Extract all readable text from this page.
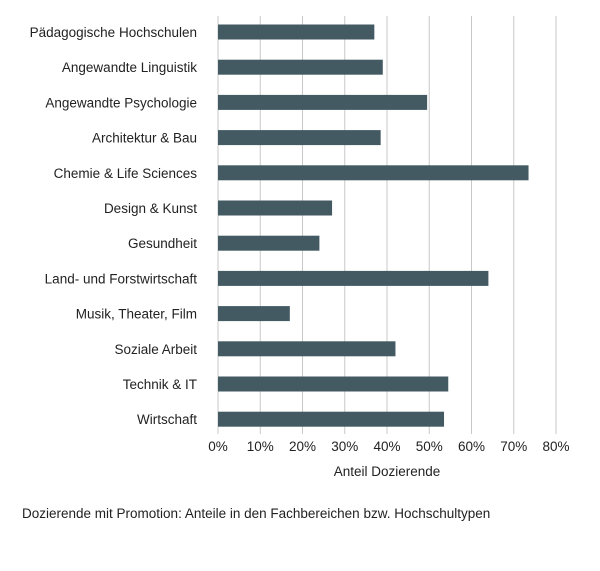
Pädagogische Hochschulen
Angewandte Linguistik
Angewandte Psychologie
Architektur & Bau
Chemie & Life Sciences
Design & Kunst
Gesundheit
Land- und Forstwirtschaft
Musik, Theater, Film
Soziale Arbeit
Technik & IT
Wirtschaft
0% 10% 20% 30% 40% 50% 60% 70% 80%
Anteil Dozierende
Dozierende mit Promotion: Anteile in den Fachbereichen bzw. Hochschultypen
